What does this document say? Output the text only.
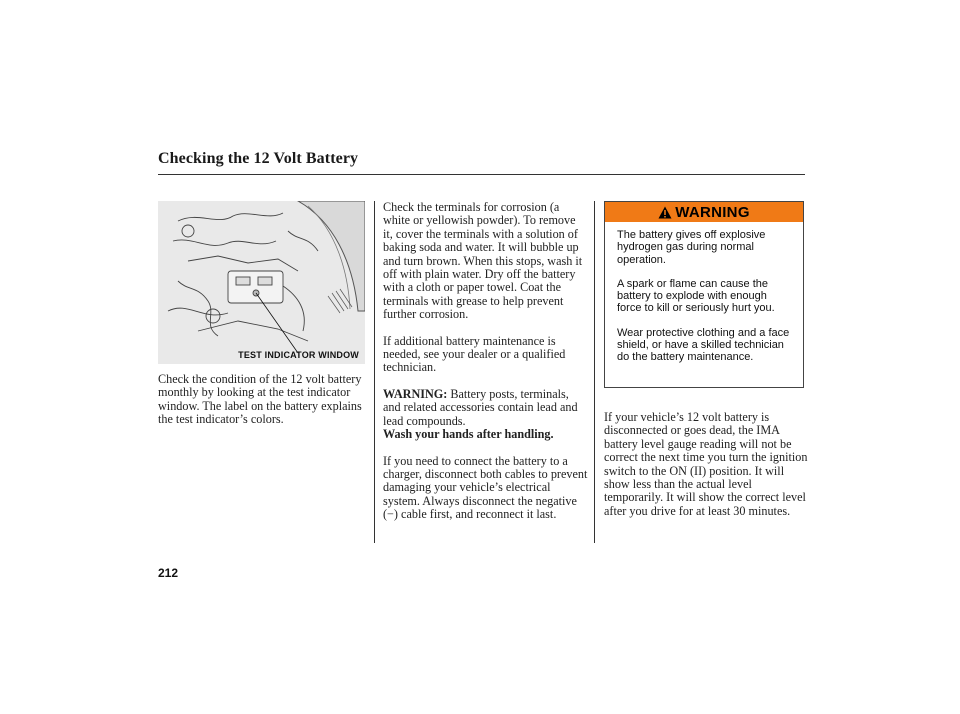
Checking the 12 Volt Battery
TEST INDICATOR WINDOW

Check the condition of the 12 volt battery monthly by looking at the test indicator window. The label on the battery explains the test indicator’s colors.

Check the terminals for corrosion (a white or yellowish powder). To remove it, cover the terminals with a solution of baking soda and water. It will bubble up and turn brown. When this stops, wash it off with plain water. Dry off the battery with a cloth or paper towel. Coat the terminals with grease to help prevent further corrosion.

If additional battery maintenance is needed, see your dealer or a qualified technician.

WARNING: Battery posts, terminals, and related accessories contain lead and lead compounds.
Wash your hands after handling.

If you need to connect the battery to a charger, disconnect both cables to prevent damaging your vehicle’s electrical system. Always disconnect the negative (−) cable first, and reconnect it last.

WARNING

The battery gives off explosive hydrogen gas during normal operation.

A spark or flame can cause the battery to explode with enough force to kill or seriously hurt you.

Wear protective clothing and a face shield, or have a skilled technician do the battery maintenance.

If your vehicle’s 12 volt battery is disconnected or goes dead, the IMA battery level gauge reading will not be correct the next time you turn the ignition switch to the ON (II) position. It will show less than the actual level temporarily. It will show the correct level after you drive for at least 30 minutes.

212
